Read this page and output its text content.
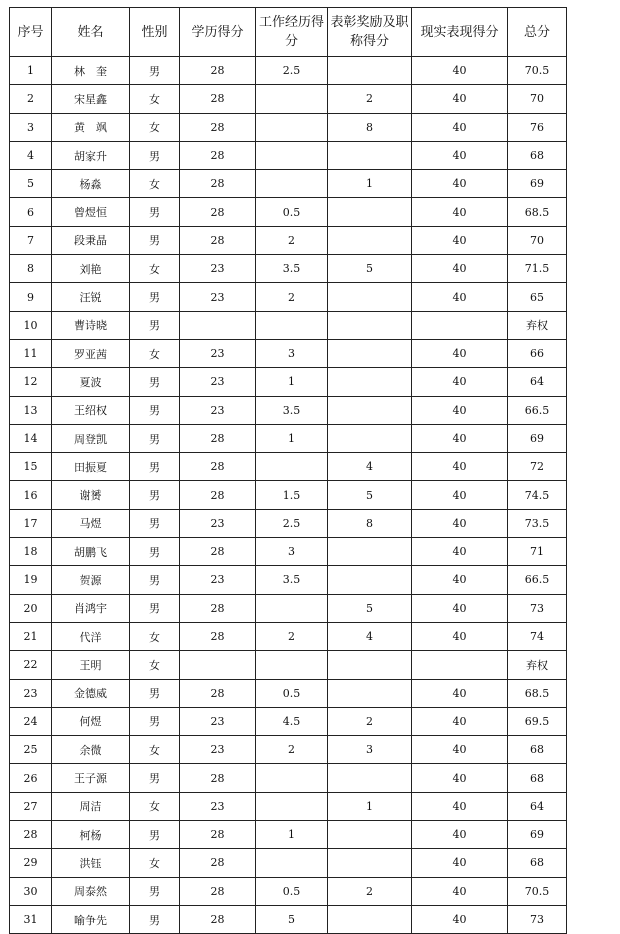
序号	姓名	性别	学历得分	工作经历得分	表彰奖励及职称得分	现实表现得分	总分
1	林　奎	男	28	2.5		40	70.5
2	宋星鑫	女	28		2	40	70
3	黄　飒	女	28		8	40	76
4	胡家升	男	28			40	68
5	杨淼	女	28		1	40	69
6	曾煜恒	男	28	0.5		40	68.5
7	段秉晶	男	28	2		40	70
8	刘艳	女	23	3.5	5	40	71.5
9	汪锐	男	23	2		40	65
10	曹诗晓	男					弃权
11	罗亚茜	女	23	3		40	66
12	夏波	男	23	1		40	64
13	王绍权	男	23	3.5		40	66.5
14	周登凯	男	28	1		40	69
15	田振夏	男	28		4	40	72
16	谢赟	男	28	1.5	5	40	74.5
17	马煜	男	23	2.5	8	40	73.5
18	胡鹏飞	男	28	3		40	71
19	贺源	男	23	3.5		40	66.5
20	肖鸿宇	男	28		5	40	73
21	代洋	女	28	2	4	40	74
22	王明	女					弃权
23	金德威	男	28	0.5		40	68.5
24	何煜	男	23	4.5	2	40	69.5
25	余微	女	23	2	3	40	68
26	王子源	男	28			40	68
27	周洁	女	23		1	40	64
28	柯杨	男	28	1		40	69
29	洪钰	女	28			40	68
30	周泰然	男	28	0.5	2	40	70.5
31	喻争先	男	28	5		40	73
